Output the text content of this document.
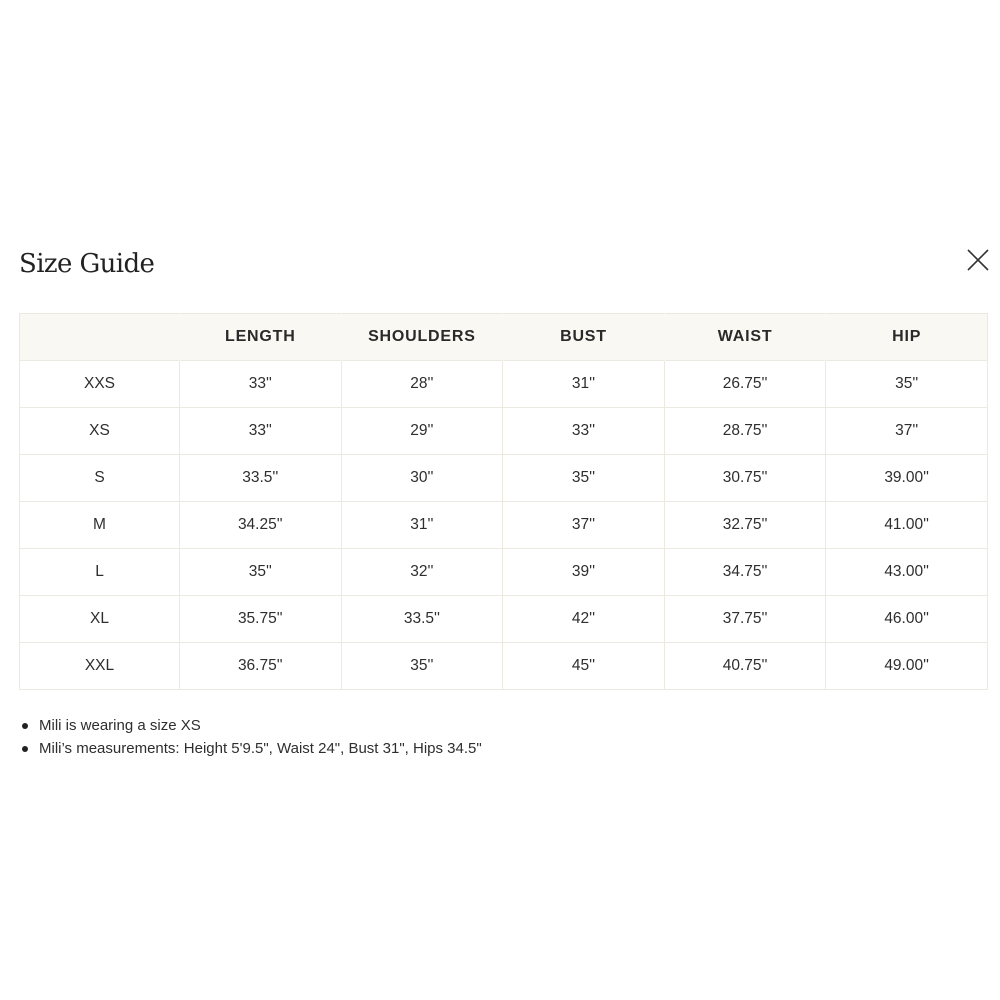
Size Guide
	LENGTH	SHOULDERS	BUST	WAIST	HIP
XXS	33''	28''	31''	26.75''	35''
XS	33''	29''	33''	28.75''	37''
S	33.5''	30''	35''	30.75''	39.00''
M	34.25''	31''	37''	32.75''	41.00''
L	35''	32''	39''	34.75''	43.00''
XL	35.75''	33.5''	42''	37.75''	46.00''
XXL	36.75''	35''	45''	40.75''	49.00''
Mili is wearing a size XS
Mili’s measurements: Height 5'9.5", Waist 24", Bust 31", Hips 34.5"
